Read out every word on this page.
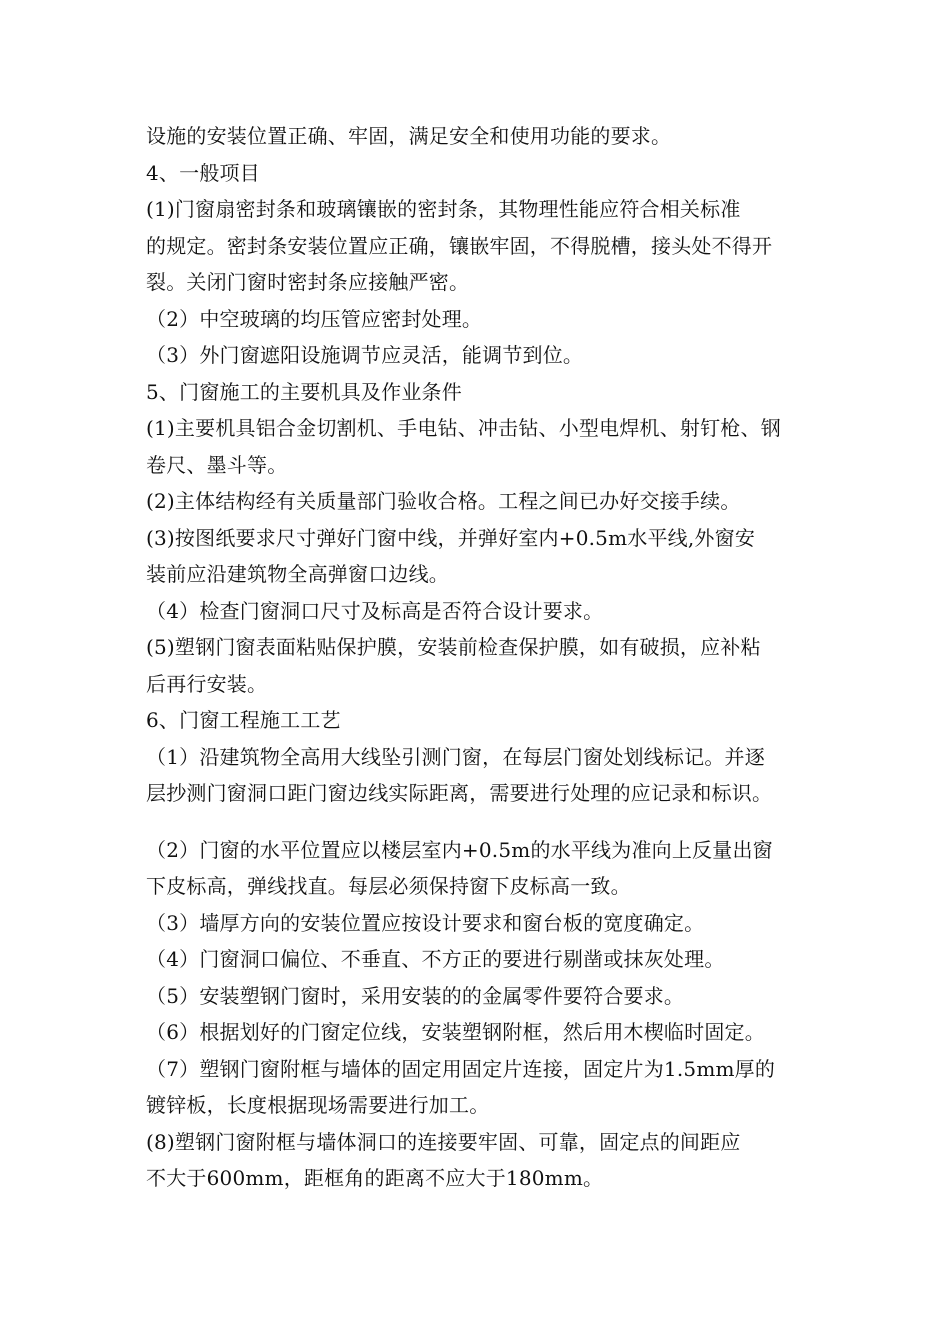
设施的安装位置正确、牢固，满足安全和使用功能的要求。
4、一般项目
(1)门窗扇密封条和玻璃镶嵌的密封条，其物理性能应符合相关标准
的规定。密封条安装位置应正确，镶嵌牢固，不得脱槽，接头处不得开
裂。关闭门窗时密封条应接触严密。
（2）中空玻璃的均压管应密封处理。
（3）外门窗遮阳设施调节应灵活，能调节到位。
5、门窗施工的主要机具及作业条件
(1)主要机具铝合金切割机、手电钻、冲击钻、小型电焊机、射钉枪、钢
卷尺、墨斗等。
(2)主体结构经有关质量部门验收合格。工程之间已办好交接手续。
(3)按图纸要求尺寸弹好门窗中线，并弹好室内+0.5m水平线,外窗安
装前应沿建筑物全高弹窗口边线。
（4）检查门窗洞口尺寸及标高是否符合设计要求。
(5)塑钢门窗表面粘贴保护膜，安装前检查保护膜，如有破损，应补粘
后再行安装。
6、门窗工程施工工艺
（1）沿建筑物全高用大线坠引测门窗，在每层门窗处划线标记。并逐
层抄测门窗洞口距门窗边线实际距离，需要进行处理的应记录和标识。
（2）门窗的水平位置应以楼层室内+0.5m的水平线为准向上反量出窗
下皮标高，弹线找直。每层必须保持窗下皮标高一致。
（3）墙厚方向的安装位置应按设计要求和窗台板的宽度确定。
（4）门窗洞口偏位、不垂直、不方正的要进行剔凿或抹灰处理。
（5）安装塑钢门窗时，采用安装的的金属零件要符合要求。
（6）根据划好的门窗定位线，安装塑钢附框，然后用木楔临时固定。
（7）塑钢门窗附框与墙体的固定用固定片连接，固定片为1.5mm厚的
镀锌板，长度根据现场需要进行加工。
(8)塑钢门窗附框与墙体洞口的连接要牢固、可靠，固定点的间距应
不大于600mm，距框角的距离不应大于180mm。
